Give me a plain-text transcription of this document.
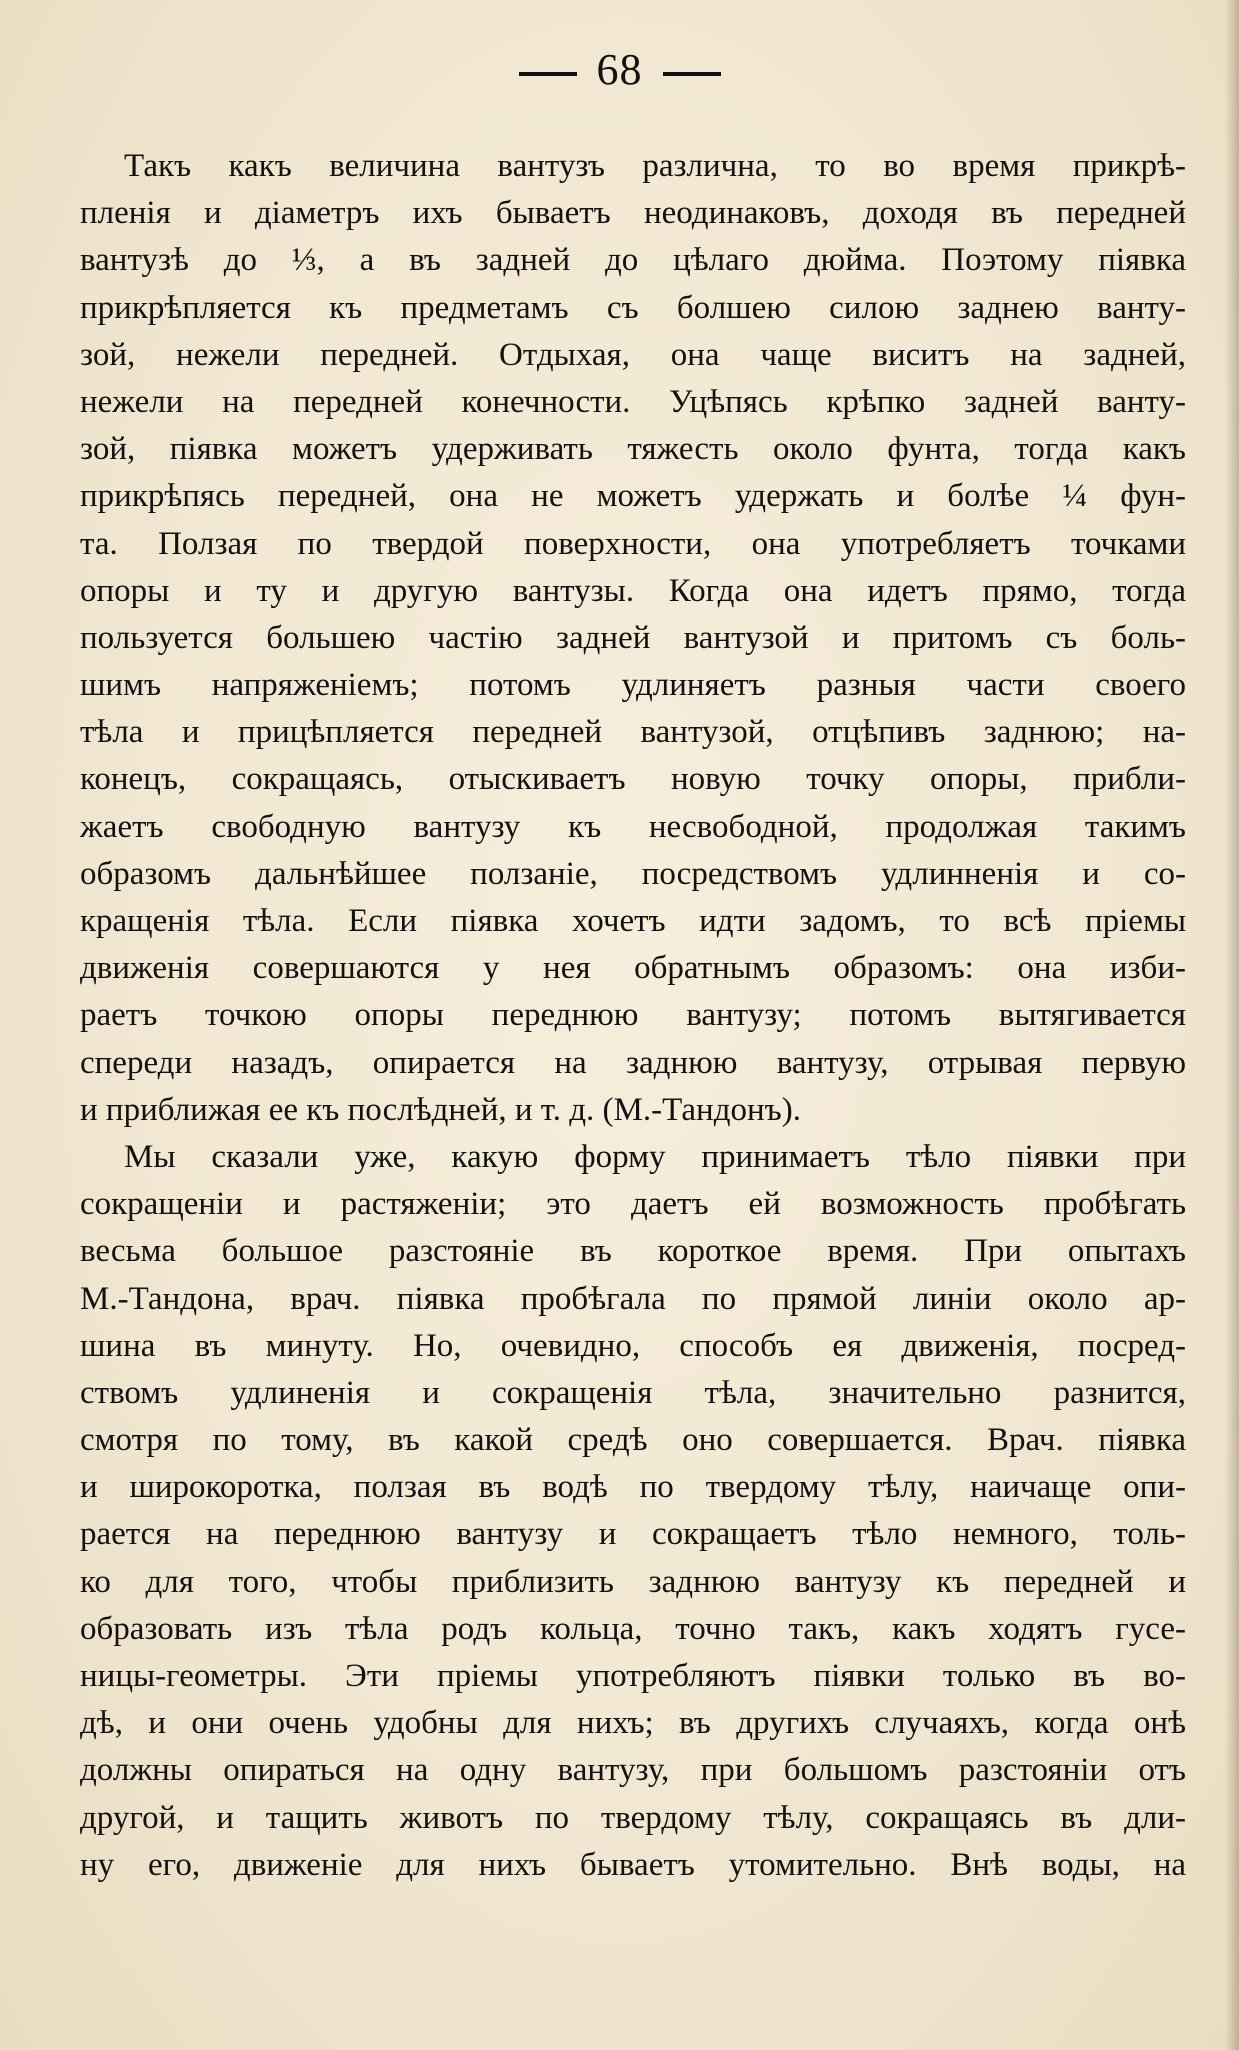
68
Такъ какъ величина вантузъ различна, то во время прикрѣ-
пленія и діаметръ ихъ бываетъ неодинаковъ, доходя въ передней
вантузѣ до ⅓, а въ задней до цѣлаго дюйма. Поэтому піявка
прикрѣпляется къ предметамъ съ болшею силою заднею ванту-
зой, нежели передней. Отдыхая, она чаще виситъ на задней,
нежели на передней конечности. Уцѣпясь крѣпко задней ванту-
зой, піявка можетъ удерживать тяжесть около фунта, тогда какъ
прикрѣпясь передней, она не можетъ удержать и болѣе ¼ фун-
та. Ползая по твердой поверхности, она употребляетъ точками
опоры и ту и другую вантузы. Когда она идетъ прямо, тогда
пользуется большею частію задней вантузой и притомъ съ боль-
шимъ напряженіемъ; потомъ удлиняетъ разныя части своего
тѣла и прицѣпляется передней вантузой, отцѣпивъ заднюю; на-
конецъ, сокращаясь, отыскиваетъ новую точку опоры, прибли-
жаетъ свободную вантузу къ несвободной, продолжая такимъ
образомъ дальнѣйшее ползаніе, посредствомъ удлинненія и со-
кращенія тѣла. Если піявка хочетъ идти задомъ, то всѣ пріемы
движенія совершаются у нея обратнымъ образомъ: она изби-
раетъ точкою опоры переднюю вантузу; потомъ вытягивается
спереди назадъ, опирается на заднюю вантузу, отрывая первую
и приближая ее къ послѣдней, и т. д. (М.-Тандонъ).
Мы сказали уже, какую форму принимаетъ тѣло піявки при
сокращеніи и растяженіи; это даетъ ей возможность пробѣгать
весьма большое разстояніе въ короткое время. При опытахъ
М.-Тандона, врач. піявка пробѣгала по прямой линіи около ар-
шина въ минуту. Но, очевидно, способъ ея движенія, посред-
ствомъ удлиненія и сокращенія тѣла, значительно разнится,
смотря по тому, въ какой средѣ оно совершается. Врач. піявка
и широкоротка, ползая въ водѣ по твердому тѣлу, наичаще опи-
рается на переднюю вантузу и сокращаетъ тѣло немного, толь-
ко для того, чтобы приблизить заднюю вантузу къ передней и
образовать изъ тѣла родъ кольца, точно такъ, какъ ходятъ гусе-
ницы-геометры. Эти пріемы употребляютъ піявки только въ во-
дѣ, и они очень удобны для нихъ; въ другихъ случаяхъ, когда онѣ
должны опираться на одну вантузу, при большомъ разстояніи отъ
другой, и тащить животъ по твердому тѣлу, сокращаясь въ дли-
ну его, движеніе для нихъ бываетъ утомительно. Внѣ воды, на
